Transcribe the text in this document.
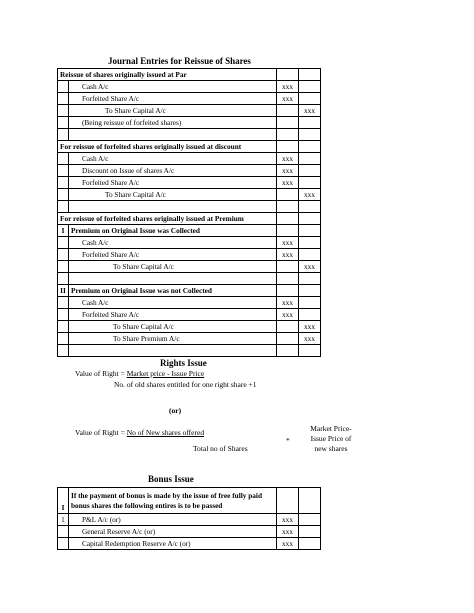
Journal Entries for Reissue of Shares
Reissue of shares originally issued at Par			
	Cash A/c	xxx	
	Forfeited Share A/c	xxx	
	To Share Capital A/c		xxx
	(Being reissue of forfeited shares)		

For reissue of forfeited shares originally issued at discount			
	Cash A/c	xxx	
	Discount on Issue of shares A/c	xxx	
	Forfeited Share A/c	xxx	
	To Share Capital A/c		xxx

For reissue of forfeited shares originally issued at Premium			
I	Premium on Original Issue was Collected		
	Cash A/c	xxx	
	Forfeited Share A/c	xxx	
	To Share Capital A/c		xxx

II	Premium on Original Issue was not Collected		
	Cash A/c	xxx	
	Forfeited Share A/c	xxx	
	To Share Capital A/c		xxx
	To Share Premium A/c		xxx

Rights Issue
Value of Right = Market price - Issue Price
No. of old shares entitled for one right share +1
(or)
Value of Right = No of New shares offered
Total no of Shares
*
Market Price-
Issue Price of
new shares
Bonus Issue
I	If the payment of bonus is made by the issue of free fully paid
bonus shares the following entires is to be passed		

1	P&L A/c (or)	xxx	
	General Reserve A/c (or)	xxx	
	Capital Redemption Reserve A/c (or)	xxx	
